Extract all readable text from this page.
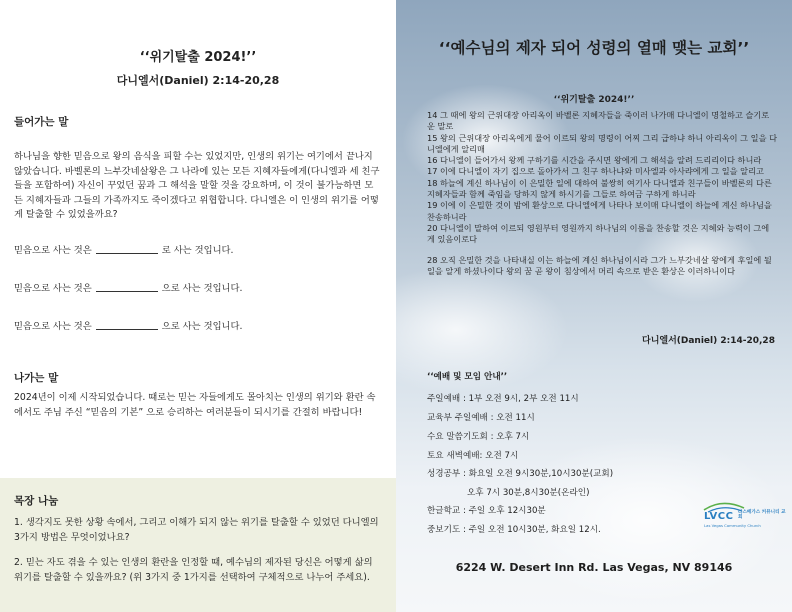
‘‘위기탈출 2024!’’
다니엘서(Daniel) 2:14-20,28
들어가는 말
하나님을 향한 믿음으로 왕의 음식을 피할 수는 있었지만, 인생의 위기는 여기에서 끝나지 않았습니다. 바벨론의 느부갓네살왕은 그 나라에 있는 모든 지혜자들에게(다니엘과 세 친구들을 포함하여) 자신이 꾸었던 꿈과 그 해석을 말할 것을 강요하며, 이 것이 불가능하면 모든 지혜자들과 그들의 가족까지도 죽이겠다고 위협합니다. 다니엘은 이 인생의 위기를 어떻게 탈출할 수 있었을까요?
믿음으로 사는 것은	로 사는 것입니다.
믿음으로 사는 것은	으로 사는 것입니다.
믿음으로 사는 것은	으로 사는 것입니다.
나가는 말
2024년이 이제 시작되었습니다. 때로는 믿는 자들에게도 몰아치는 인생의 위기와 환란 속에서도 주님 주신 “믿음의 기본” 으로 승리하는 여러분들이 되시기를 간절히 바랍니다!
목장 나눔
1. 생각지도 못한 상황 속에서, 그리고 이해가 되지 않는 위기를 탈출할 수 있었던 다니엘의 3가지 방법은 무엇이었나요?
2. 믿는 자도 겪을 수 있는 인생의 환란을 인정할 때, 예수님의 제자된 당신은 어떻게 삶의 위기를 탈출할 수 있을까요? (위 3가지 중 1가지를 선택하여 구체적으로 나누어 주세요).
‘‘예수님의 제자 되어 성령의 열매 맺는 교회’’
‘‘위기탈출 2024!’’
14 그 때에 왕의 근위대장 아리옥이 바벨론 지혜자들을 죽이러 나가매 다니엘이 명철하고 슬기로운 말로
15 왕의 근위대장 아리옥에게 물어 이르되 왕의 명령이 어찌 그리 급하냐 하니 아리옥이 그 일을 다니엘에게 알리매
16 다니엘이 들어가서 왕께 구하기를 시간을 주시면 왕에게 그 해석을 알려 드리리이다 하니라
17 이에 다니엘이 자기 집으로 돌아가서 그 친구 하나냐와 미사엘과 아사랴에게 그 일을 알리고
18 하늘에 계신 하나님이 이 은밀한 일에 대하여 불쌍히 여기사 다니엘과 친구들이 바벨론의 다른 지혜자들과 함께 죽임을 당하지 않게 하시기를 그들로 하여금 구하게 하니라
19 이에 이 은밀한 것이 밤에 환상으로 다니엘에게 나타나 보이매 다니엘이 하늘에 계신 하나님을 찬송하니라
20 다니엘이 말하여 이르되 영원부터 영원까지 하나님의 이름을 찬송할 것은 지혜와 능력이 그에게 있음이로다
28 오직 은밀한 것을 나타내실 이는 하늘에 계신 하나님이시라 그가 느부갓네살 왕에게 후일에 될 일을 알게 하셨나이다 왕의 꿈 곧 왕이 침상에서 머리 속으로 받은 환상은 이러하니이다
다니엘서(Daniel) 2:14-20,28
‘‘예배 및 모임 안내’’
주일예배 : 1부 오전 9시, 2부 오전 11시
교육부 주일예배 : 오전 11시
수요 말씀기도회 : 오후 7시
토요 새벽예배: 오전 7시
성경공부 : 화요일 오전 9시30분,10시30분(교회)
오후 7시 30분,8시30분(온라인)
한글학교 : 주일 오후 12시30분
중보기도 : 주일 오전 10시30분, 화요일 12시.
LVCC 라스베가스 커뮤니티 교회
Las Vegas Community Church
6224 W. Desert Inn Rd. Las Vegas, NV 89146
